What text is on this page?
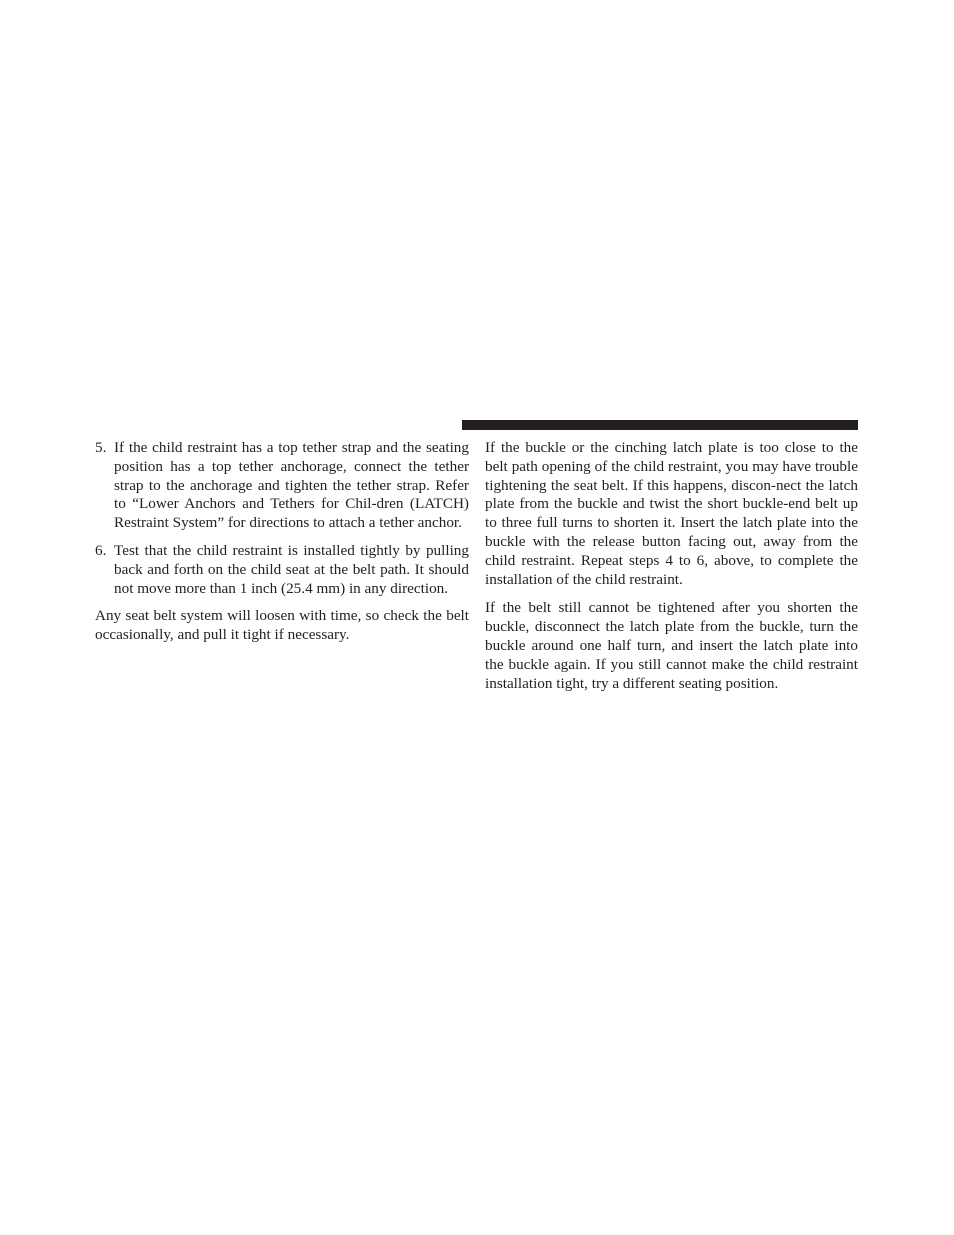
5. If the child restraint has a top tether strap and the seating position has a top tether anchorage, connect the tether strap to the anchorage and tighten the tether strap. Refer to “Lower Anchors and Tethers for Chil-dren (LATCH) Restraint System” for directions to attach a tether anchor.
6. Test that the child restraint is installed tightly by pulling back and forth on the child seat at the belt path. It should not move more than 1 inch (25.4 mm) in any direction.

Any seat belt system will loosen with time, so check the belt occasionally, and pull it tight if necessary.

If the buckle or the cinching latch plate is too close to the belt path opening of the child restraint, you may have trouble tightening the seat belt. If this happens, discon-nect the latch plate from the buckle and twist the short buckle-end belt up to three full turns to shorten it. Insert the latch plate into the buckle with the release button facing out, away from the child restraint. Repeat steps 4 to 6, above, to complete the installation of the child restraint.

If the belt still cannot be tightened after you shorten the buckle, disconnect the latch plate from the buckle, turn the buckle around one half turn, and insert the latch plate into the buckle again. If you still cannot make the child restraint installation tight, try a different seating position.
